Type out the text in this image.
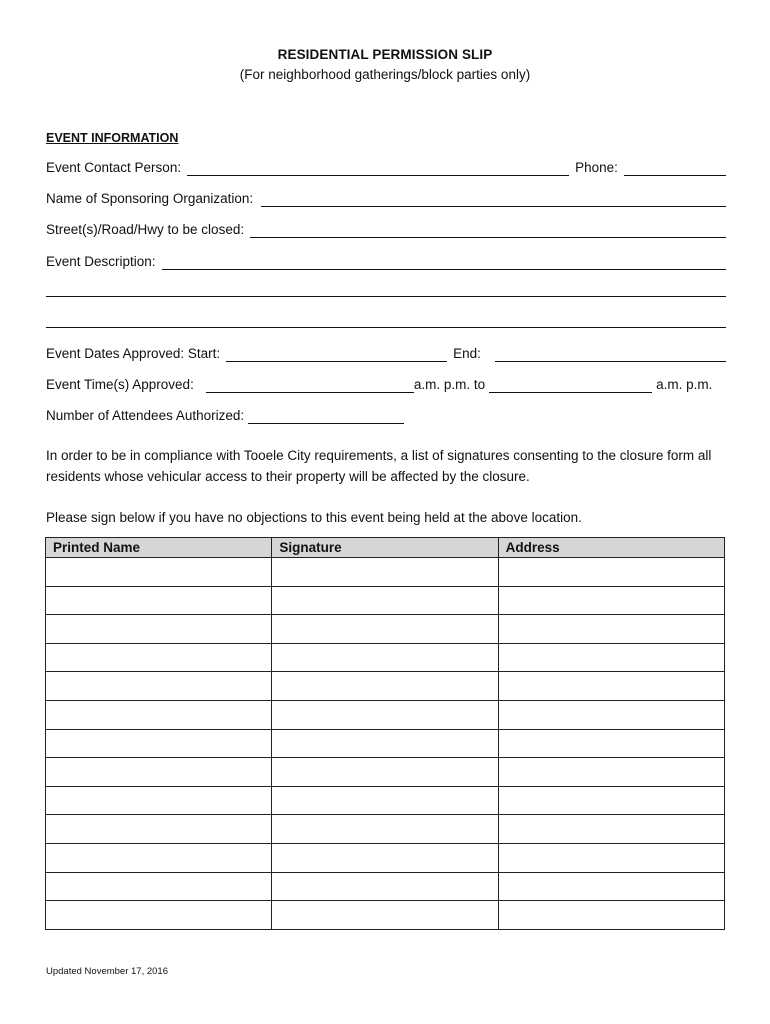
RESIDENTIAL PERMISSION SLIP
(For neighborhood gatherings/block parties only)
EVENT INFORMATION
Event Contact Person:	Phone:
Name of Sponsoring Organization:
Street(s)/Road/Hwy to be closed:
Event Description:
Event Dates Approved: Start:	End:
Event Time(s) Approved:	a.m. p.m. to	a.m. p.m.
Number of Attendees Authorized:
In order to be in compliance with Tooele City requirements, a list of signatures consenting to the closure form all residents whose vehicular access to their property will be affected by the closure.
Please sign below if you have no objections to this event being held at the above location.
Printed Name	Signature	Address

Updated November 17, 2016
